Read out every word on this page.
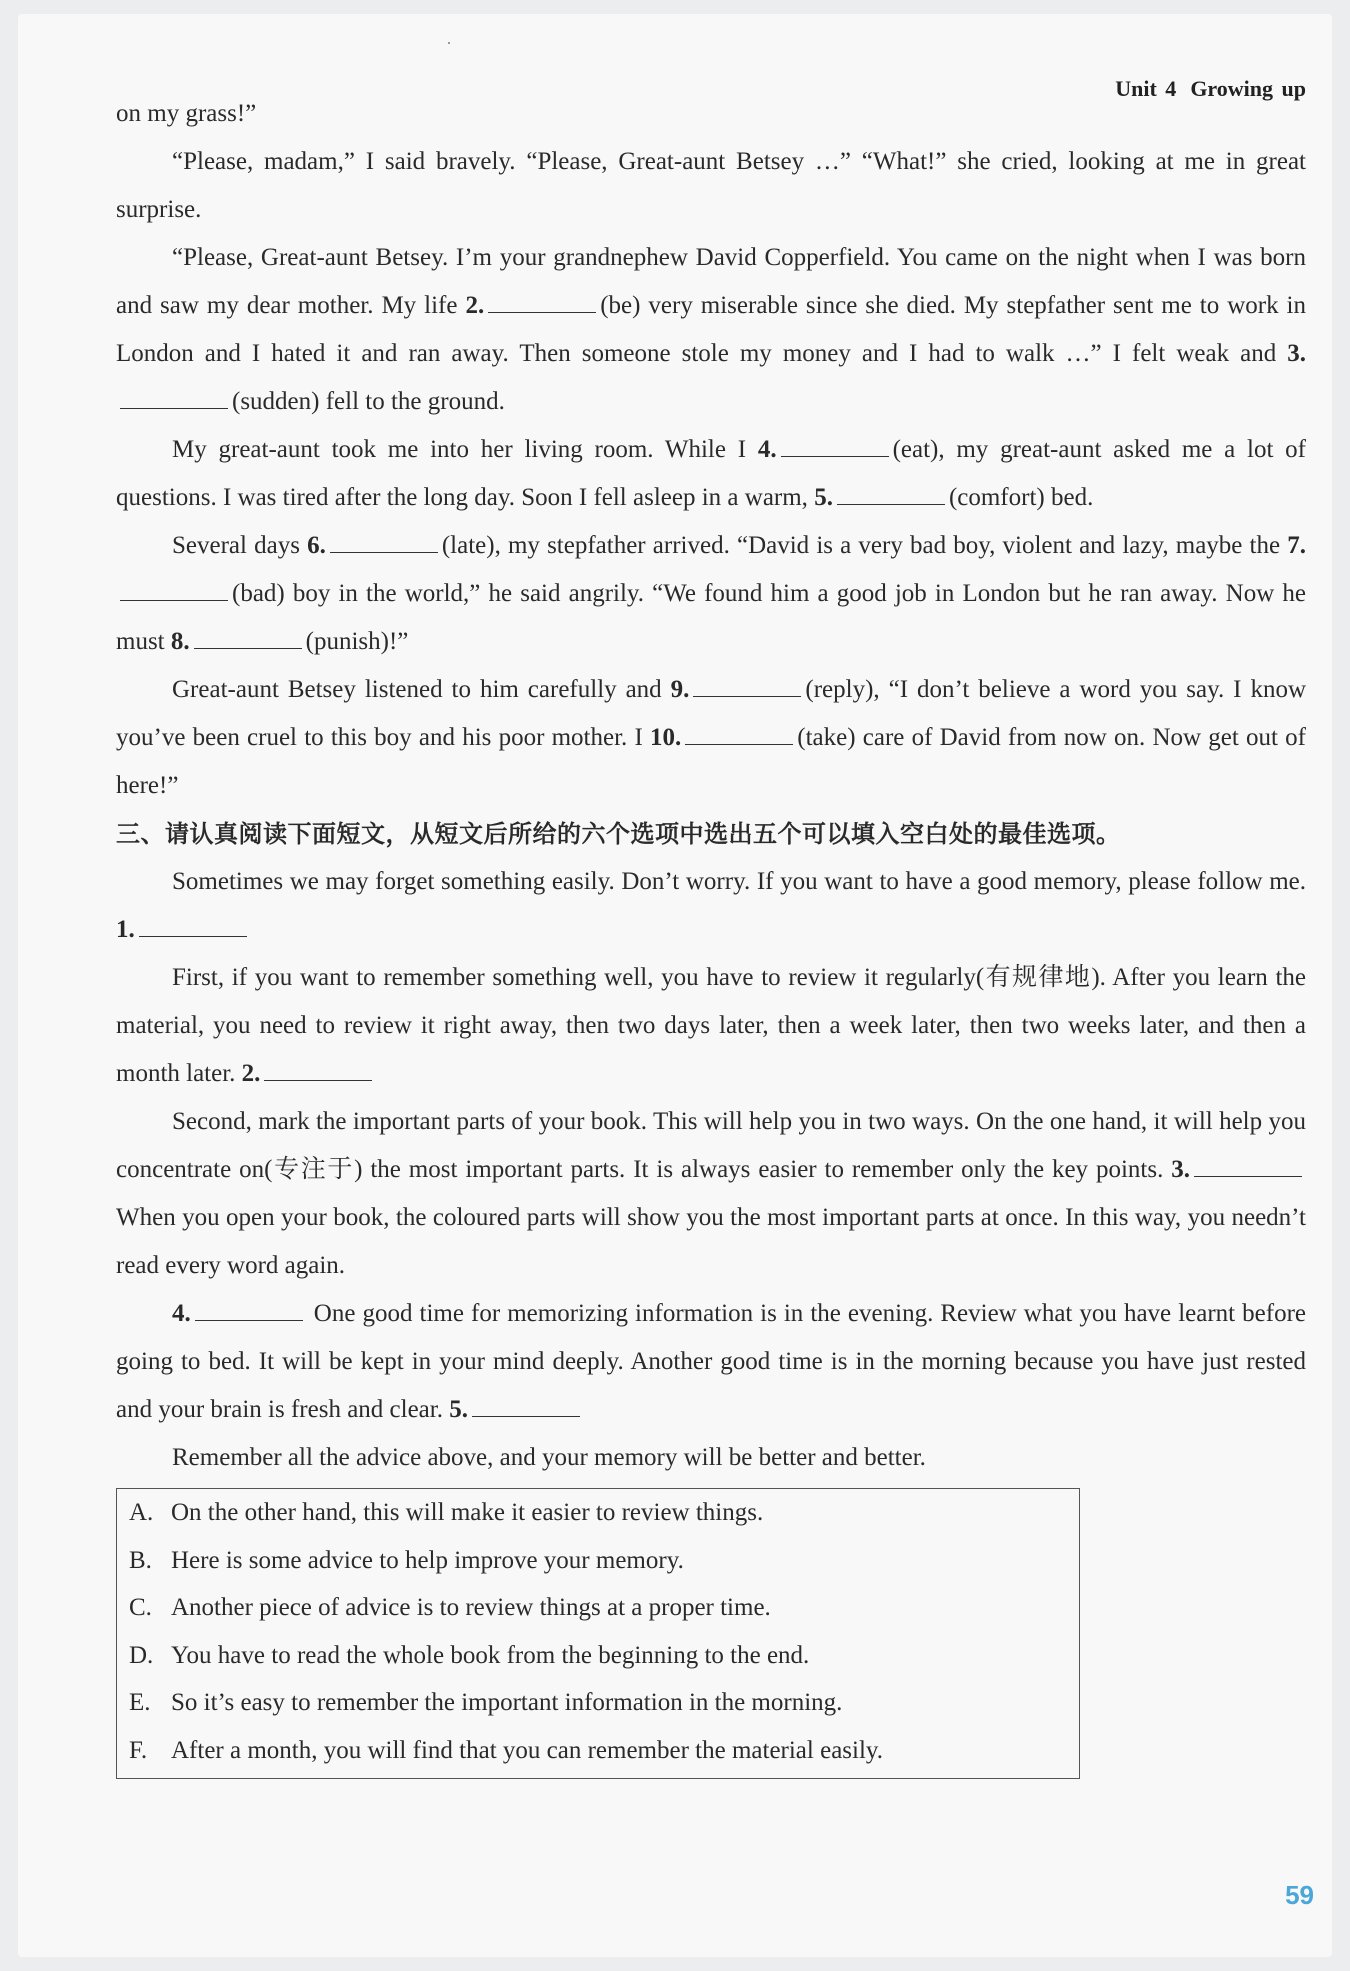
Unit 4 Growing up

on my grass!”

“Please, madam,” I said bravely. “Please, Great-aunt Betsey …” “What!” she cried, looking at me in great surprise.

“Please, Great-aunt Betsey. I’m your grandnephew David Copperfield. You came on the night when I was born and saw my dear mother. My life 2.	(be) very miserable since she died. My stepfather sent me to work in London and I hated it and ran away. Then someone stole my money and I had to walk …” I felt weak and 3.(sudden) fell to the ground.

My great-aunt took me into her living room. While I 4.	(eat), my great-aunt asked me a lot of questions. I was tired after the long day. Soon I fell asleep in a warm, 5.	(comfort) bed.

Several days 6.	(late), my stepfather arrived. “David is a very bad boy, violent and lazy, maybe the 7.(bad) boy in the world,” he said angrily. “We found him a good job in London but he ran away. Now he must 8.	(punish)!”

Great-aunt Betsey listened to him carefully and 9.	(reply), “I don’t believe a word you say. I know you’ve been cruel to this boy and his poor mother. I 10.	(take) care of David from now on. Now get out of here!”

三、请认真阅读下面短文，从短文后所给的六个选项中选出五个可以填入空白处的最佳选项。

Sometimes we may forget something easily. Don’t worry. If you want to have a good memory, please follow me. 1.

First, if you want to remember something well, you have to review it regularly(有规律地). After you learn the material, you need to review it right away, then two days later, then a week later, then two weeks later, and then a month later. 2.

Second, mark the important parts of your book. This will help you in two ways. On the one hand, it will help you concentrate on(专注于) the most important parts. It is always easier to remember only the key points. 3. When you open your book, the coloured parts will show you the most important parts at once. In this way, you needn’t read every word again.

4.	One good time for memorizing information is in the evening. Review what you have learnt before going to bed. It will be kept in your mind deeply. Another good time is in the morning because you have just rested and your brain is fresh and clear. 5.

Remember all the advice above, and your memory will be better and better.

A. On the other hand, this will make it easier to review things.
B. Here is some advice to help improve your memory.
C. Another piece of advice is to review things at a proper time.
D. You have to read the whole book from the beginning to the end.
E. So it’s easy to remember the important information in the morning.
F. After a month, you will find that you can remember the material easily.
59
